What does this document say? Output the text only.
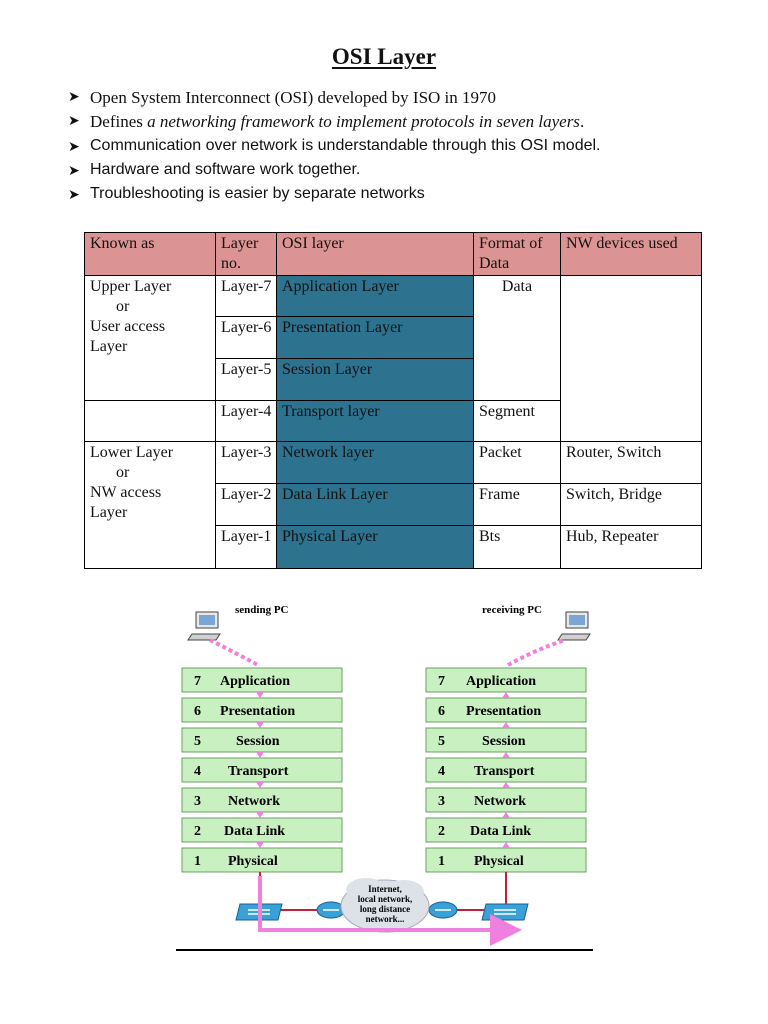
OSI Layer
➤ Open System Interconnect (OSI) developed by ISO in 1970
➤ Defines a networking framework to implement protocols in seven layers.
➤ Communication over network is understandable through this OSI model.
➤ Hardware and software work together.
➤ Troubleshooting is easier by separate networks
Known as	Layer no.	OSI layer	Format of Data	NW devices used

Upper Layer
or
User access
Layer	Layer-7	Application Layer	Data	
	Layer-6	Presentation Layer		
	Layer-5	Session Layer		
	Layer-4	Transport layer	Segment	

Lower Layer
or
NW access
Layer	Layer-3	Network layer	Packet	Router, Switch
	Layer-2	Data Link Layer	Frame	Switch, Bridge
	Layer-1	Physical Layer	Bts	Hub, Repeater
sending PC	receiving PC
7 Application
6 Presentation
5	Session
4 Transport
3 Network
2 Data Link
1 Physical
7 Application
6 Presentation
5	Session
4 Transport
3 Network
2 Data Link
1 Physical
Internet,
local network,
long distance
network...
